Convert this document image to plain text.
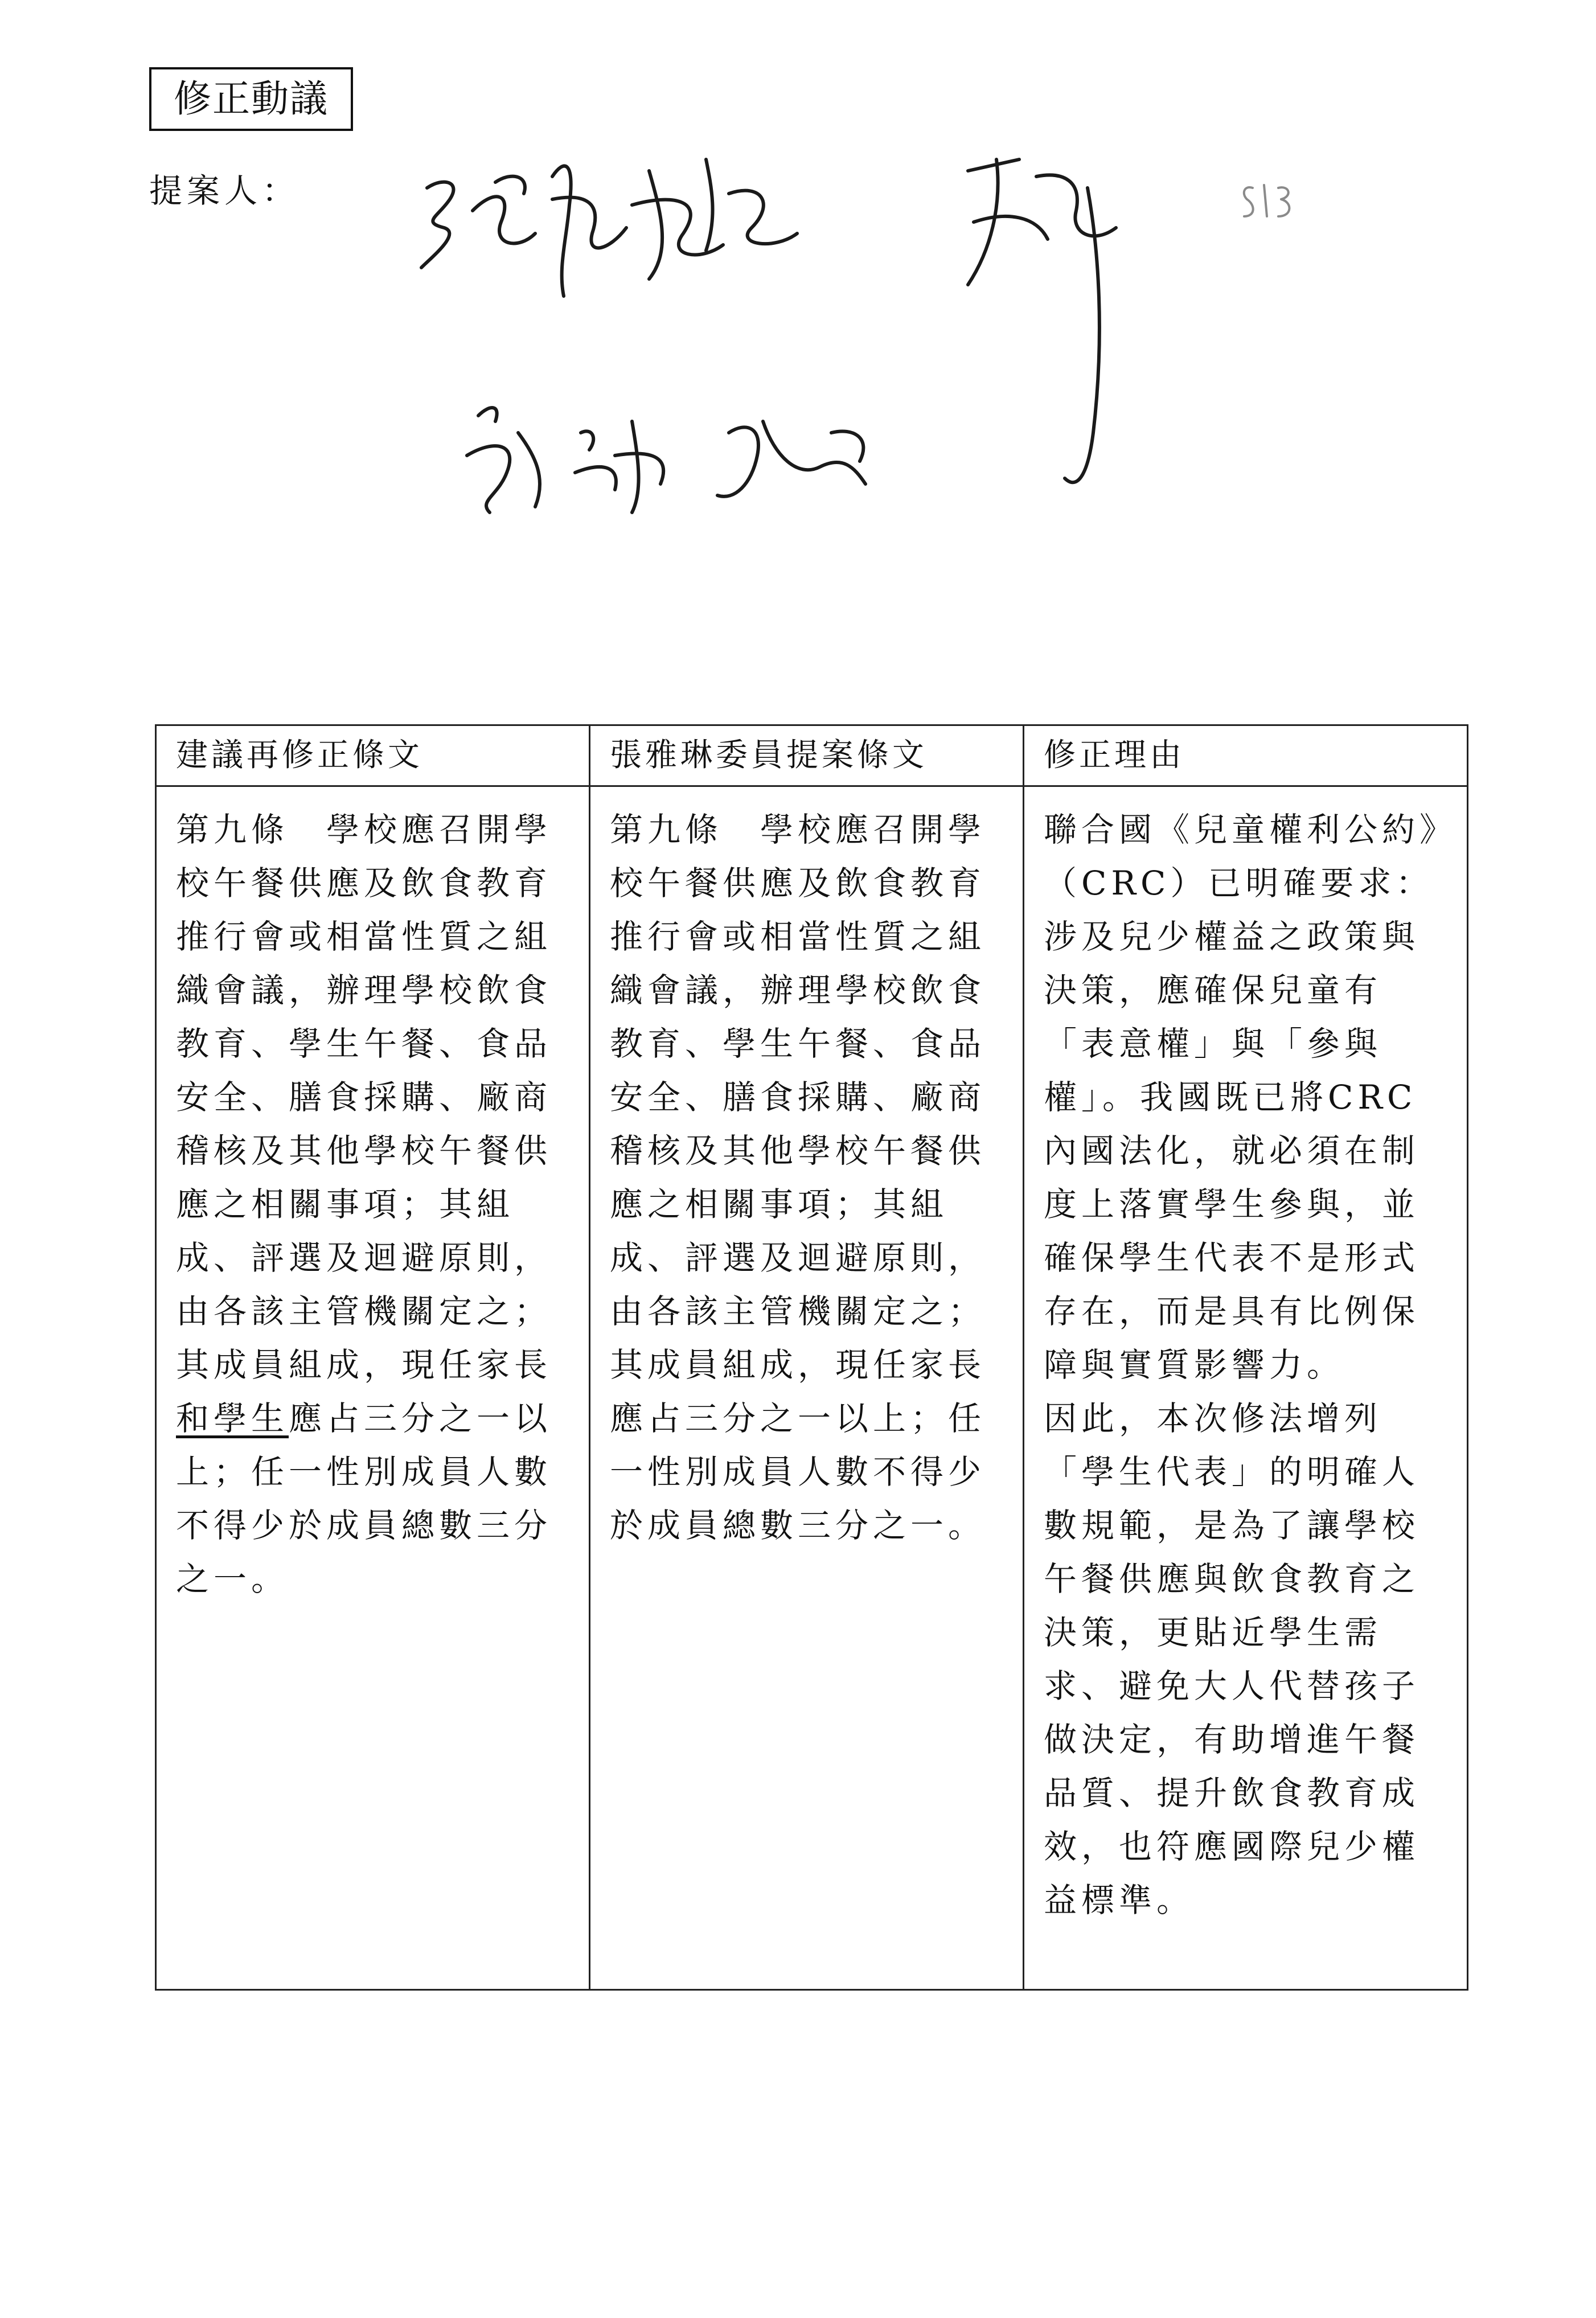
修正動議
提案人：
建議再修正條文	張雅琳委員提案條文	修正理由
第九條　學校應召開學校午餐供應及飲食教育推行會或相當性質之組織會議，辦理學校飲食教育、學生午餐、食品安全、膳食採購、廠商稽核及其他學校午餐供應之相關事項；其組成、評選及迴避原則，由各該主管機關定之；其成員組成，現任家長和學生應占三分之一以上；任一性別成員人數不得少於成員總數三分之一。	第九條　學校應召開學校午餐供應及飲食教育推行會或相當性質之組織會議，辦理學校飲食教育、學生午餐、食品安全、膳食採購、廠商稽核及其他學校午餐供應之相關事項；其組成、評選及迴避原則，由各該主管機關定之；其成員組成，現任家長應占三分之一以上；任一性別成員人數不得少於成員總數三分之一。	聯合國《兒童權利公約》（CRC）已明確要求：涉及兒少權益之政策與決策，應確保兒童有「表意權」與「參與權」。我國既已將CRC內國法化，就必須在制度上落實學生參與，並確保學生代表不是形式存在，而是具有比例保障與實質影響力。
因此，本次修法增列「學生代表」的明確人數規範，是為了讓學校午餐供應與飲食教育之決策，更貼近學生需求、避免大人代替孩子做決定，有助增進午餐品質、提升飲食教育成效，也符應國際兒少權益標準。
